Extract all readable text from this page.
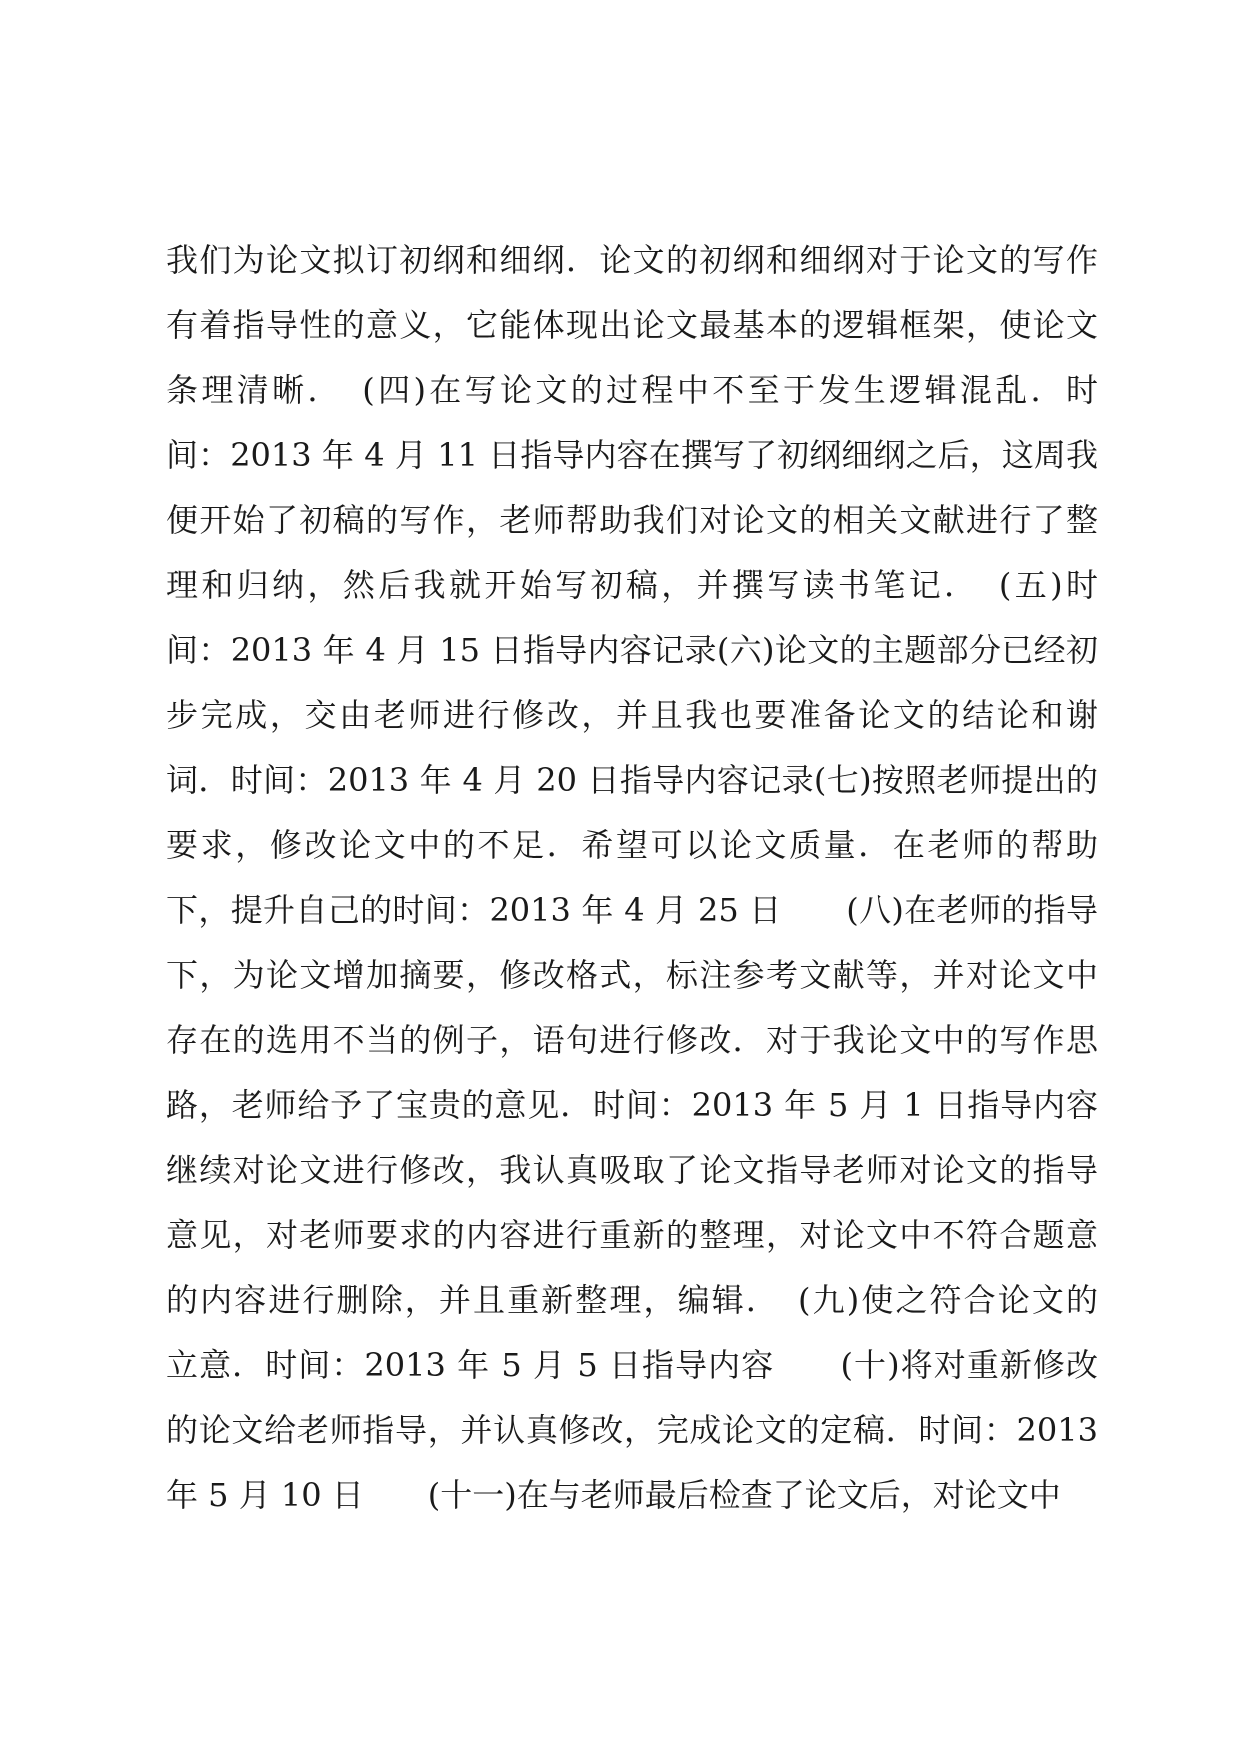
我们为论文拟订初纲和细纲．论文的初纲和细纲对于论文的写作
有着指导性的意义，它能体现出论文最基本的逻辑框架，使论文
条理清晰．　(四)在写论文的过程中不至于发生逻辑混乱．时
间：2013 年 4 月 11 日指导内容在撰写了初纲细纲之后，这周我
便开始了初稿的写作，老师帮助我们对论文的相关文献进行了整
理和归纳，然后我就开始写初稿，并撰写读书笔记．　(五)时
间：2013 年 4 月 15 日指导内容记录(六)论文的主题部分已经初
步完成，交由老师进行修改，并且我也要准备论文的结论和谢
词．时间：2013 年 4 月 20 日指导内容记录(七)按照老师提出的
要求，修改论文中的不足．希望可以论文质量．在老师的帮助
下，提升自己的时间：2013 年 4 月 25 日　　(八)在老师的指导
下，为论文增加摘要，修改格式，标注参考文献等，并对论文中
存在的选用不当的例子，语句进行修改．对于我论文中的写作思
路，老师给予了宝贵的意见．时间：2013 年 5 月 1 日指导内容
继续对论文进行修改，我认真吸取了论文指导老师对论文的指导
意见，对老师要求的内容进行重新的整理，对论文中不符合题意
的内容进行删除，并且重新整理，编辑．　(九)使之符合论文的
立意．时间：2013 年 5 月 5 日指导内容　　(十)将对重新修改
的论文给老师指导，并认真修改，完成论文的定稿．时间：2013
年 5 月 10 日　　(十一)在与老师最后检查了论文后，对论文中
